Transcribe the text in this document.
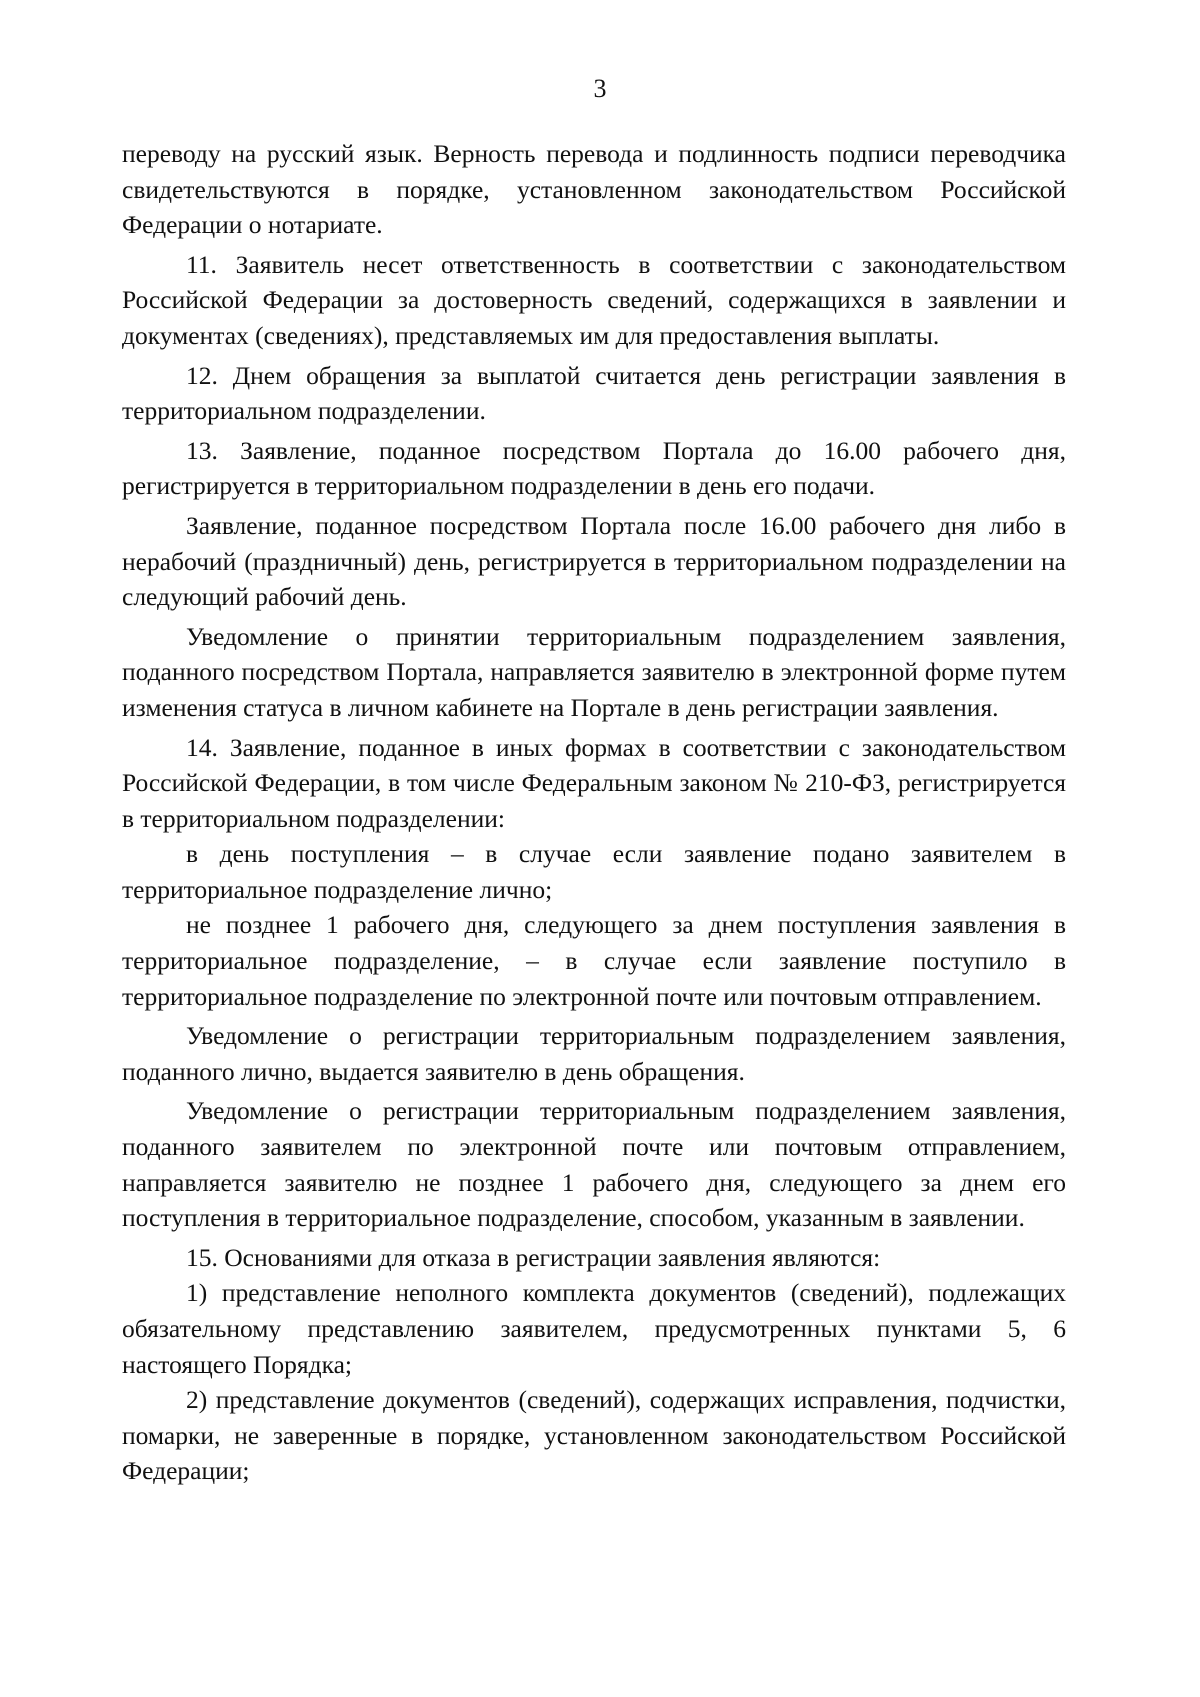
3

переводу на русский язык. Верность перевода и подлинность подписи переводчика свидетельствуются в порядке, установленном законодательством Российской Федерации о нотариате.

11. Заявитель несет ответственность в соответствии с законодательством Российской Федерации за достоверность сведений, содержащихся в заявлении и документах (сведениях), представляемых им для предоставления выплаты.

12. Днем обращения за выплатой считается день регистрации заявления в территориальном подразделении.

13. Заявление, поданное посредством Портала до 16.00 рабочего дня, регистрируется в территориальном подразделении в день его подачи.

Заявление, поданное посредством Портала после 16.00 рабочего дня либо в нерабочий (праздничный) день, регистрируется в территориальном подразделении на следующий рабочий день.

Уведомление о принятии территориальным подразделением заявления, поданного посредством Портала, направляется заявителю в электронной форме путем изменения статуса в личном кабинете на Портале в день регистрации заявления.

14. Заявление, поданное в иных формах в соответствии с законодательством Российской Федерации, в том числе Федеральным законом № 210-ФЗ, регистрируется в территориальном подразделении:

в день поступления – в случае если заявление подано заявителем в территориальное подразделение лично;

не позднее 1 рабочего дня, следующего за днем поступления заявления в территориальное подразделение, – в случае если заявление поступило в территориальное подразделение по электронной почте или почтовым отправлением.

Уведомление о регистрации территориальным подразделением заявления, поданного лично, выдается заявителю в день обращения.

Уведомление о регистрации территориальным подразделением заявления, поданного заявителем по электронной почте или почтовым отправлением, направляется заявителю не позднее 1 рабочего дня, следующего за днем его поступления в территориальное подразделение, способом, указанным в заявлении.

15. Основаниями для отказа в регистрации заявления являются:

1) представление неполного комплекта документов (сведений), подлежащих обязательному представлению заявителем, предусмотренных пунктами 5, 6 настоящего Порядка;

2) представление документов (сведений), содержащих исправления, подчистки, помарки, не заверенные в порядке, установленном законодательством Российской Федерации;
